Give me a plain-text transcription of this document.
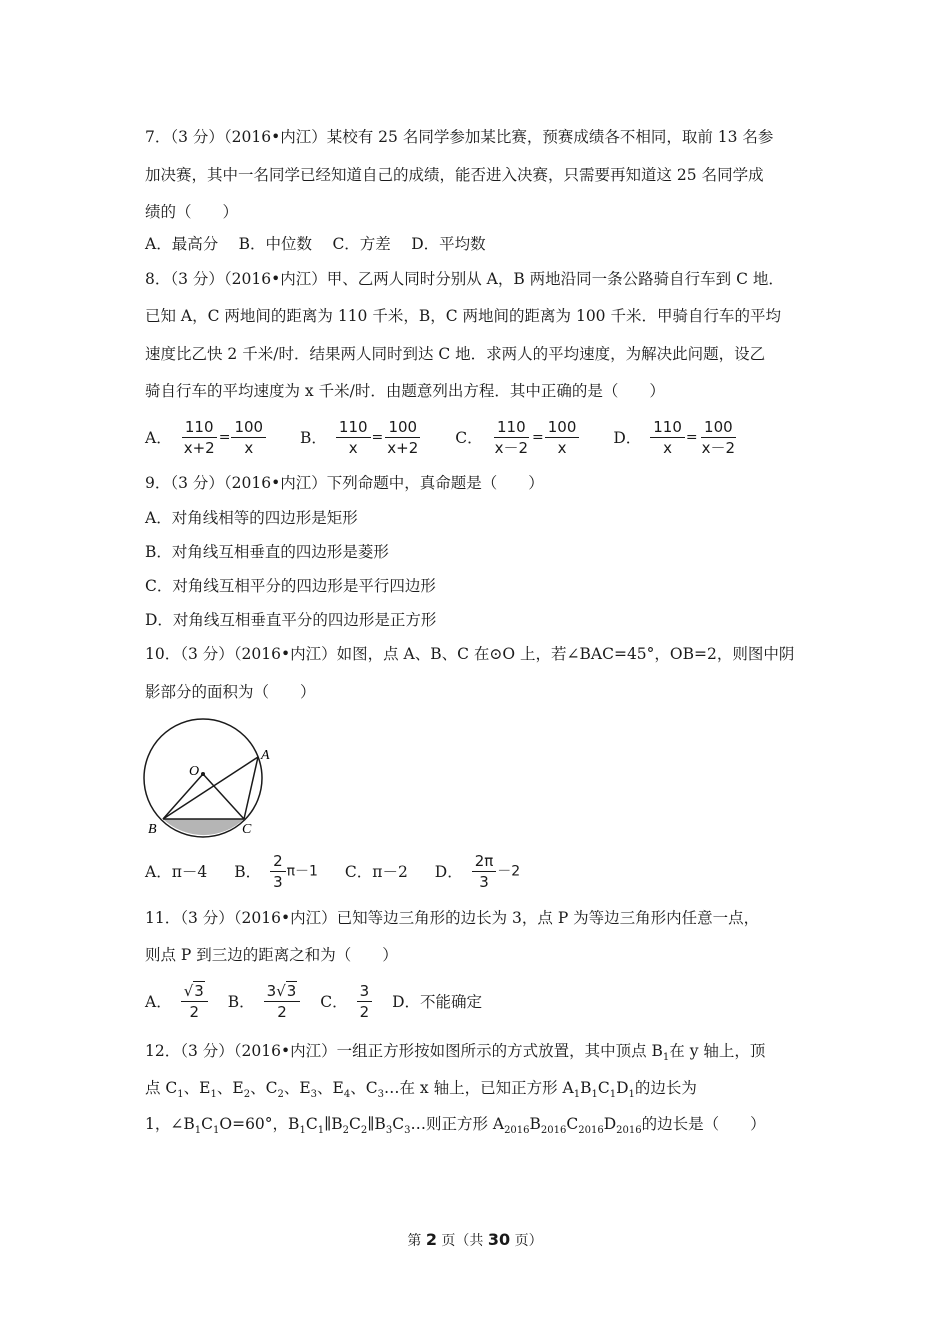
7．（3 分）（2016•内江）某校有 25 名同学参加某比赛，预赛成绩各不相同，取前 13 名参
加决赛，其中一名同学已经知道自己的成绩，能否进入决赛，只需要再知道这 25 名同学成
绩的（　　）
A．最高分　 B．中位数　 C．方差　 D．平均数
8．（3 分）（2016•内江）甲、乙两人同时分别从 A，B 两地沿同一条公路骑自行车到 C 地．
已知 A，C 两地间的距离为 110 千米，B，C 两地间的距离为 100 千米．甲骑自行车的平均
速度比乙快 2 千米/时．结果两人同时到达 C 地．求两人的平均速度，为解决此问题，设乙
骑自行车的平均速度为 x 千米/时．由题意列出方程．其中正确的是（　　）
A． $\frac{110}{x+2} = \frac{100}{x}$ B． $\frac{110}{x} = \frac{100}{x+2}$ C． $\frac{110}{x-2} = \frac{100}{x}$ D． $\frac{110}{x} = \frac{100}{x-2}$
9．（3 分）（2016•内江）下列命题中，真命题是（　　）
A．对角线相等的四边形是矩形
B．对角线互相垂直的四边形是菱形
C．对角线互相平分的四边形是平行四边形
D．对角线互相垂直平分的四边形是正方形
10．（3 分）（2016•内江）如图，点 A、B、C 在⊙O 上，若∠BAC=45°，OB=2，则图中阴
影部分的面积为（　　）
O
A
B	C
A．π－4 B． $\frac{2}{3} \pi-1$ C．π－2 D． $\frac{2\pi}{3} -2$
11．（3 分）（2016•内江）已知等边三角形的边长为 3，点 P 为等边三角形内任意一点，
则点 P 到三边的距离之和为（　　）
A． $\frac{√3}{2}$ B． $\frac{3√3}{2}$ C． $\frac{3}{2}$ D．不能确定
12．（3 分）（2016•内江）一组正方形按如图所示的方式放置，其中顶点 $B_1$在 y 轴上，顶
点 $C_1$、$E_1$、$E_2$、$C_2$、$E_3$、$E_4$、$C_3\dots$在 x 轴上，已知正方形 $A_1B_1C_1D_1$的边长为
1，$\angle B_1C_1O=60^\circ$，$B_1C_1\parallel B_2C_2\parallel B_3C_3\dots$则正方形 $A_{2016}B_{2016}C_{2016}D_{2016}$的边长是（　　）
第 2 页（共 30 页）
